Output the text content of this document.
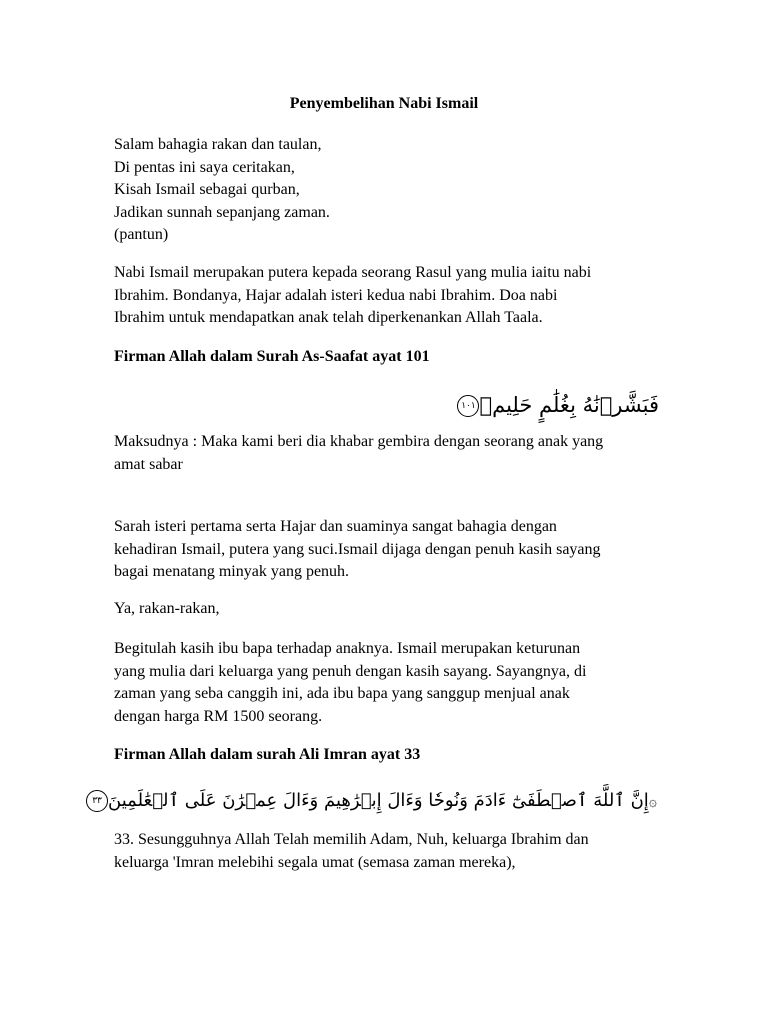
Penyembelihan Nabi Ismail
Salam bahagia rakan dan taulan,
Di pentas ini saya ceritakan,
Kisah Ismail sebagai qurban,
Jadikan sunnah sepanjang zaman.
(pantun)
Nabi Ismail merupakan putera kepada seorang Rasul yang mulia iaitu nabi
Ibrahim. Bondanya, Hajar adalah isteri kedua nabi Ibrahim. Doa nabi
Ibrahim untuk mendapatkan anak telah diperkenankan Allah Taala.
Firman Allah dalam Surah As-Saafat ayat 101
فَبَشَّرۡنَٰهُ بِغُلَٰمٍ حَلِيمٖ١٠١
Maksudnya : Maka kami beri dia khabar gembira dengan seorang anak yang
amat sabar
Sarah isteri pertama serta Hajar dan suaminya sangat bahagia dengan
kehadiran Ismail, putera yang suci.Ismail dijaga dengan penuh kasih sayang
bagai menatang minyak yang penuh.
Ya, rakan-rakan,
Begitulah kasih ibu bapa terhadap anaknya. Ismail merupakan keturunan
yang mulia dari keluarga yang penuh dengan kasih sayang. Sayangnya, di
zaman yang seba canggih ini, ada ibu bapa yang sanggup menjual anak
dengan harga RM 1500 seorang.
Firman Allah dalam surah Ali Imran ayat 33
۞إِنَّ ٱللَّهَ ٱصۡطَفَىٰٓ ءَادَمَ وَنُوحٗا وَءَالَ إِبۡرَٰهِيمَ وَءَالَ عِمۡرَٰنَ عَلَى ٱلۡعَٰلَمِينَ٣٣
33. Sesungguhnya Allah Telah memilih Adam, Nuh, keluarga Ibrahim dan
keluarga 'Imran melebihi segala umat (semasa zaman mereka),
